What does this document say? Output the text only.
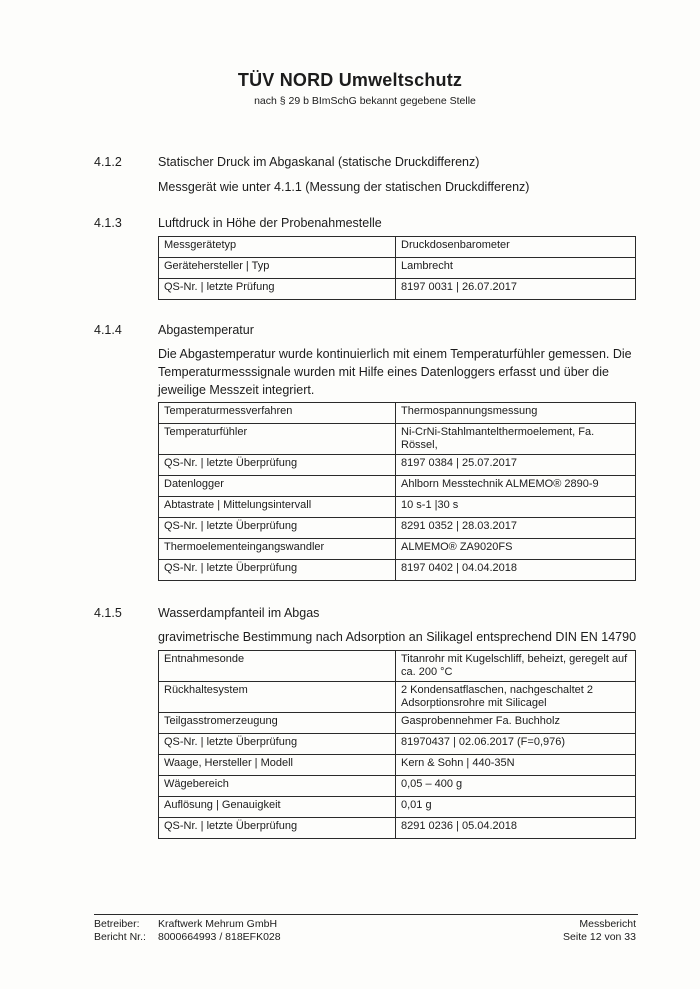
TÜV NORD Umweltschutz
nach § 29 b BImSchG bekannt gegebene Stelle
4.1.2	Statischer Druck im Abgaskanal (statische Druckdifferenz)
Messgerät wie unter 4.1.1 (Messung der statischen Druckdifferenz)
4.1.3	Luftdruck in Höhe der Probenahmestelle
Messgerätetyp	Druckdosenbarometer
Gerätehersteller | Typ	Lambrecht
QS-Nr. | letzte Prüfung	8197 0031 | 26.07.2017
4.1.4	Abgastemperatur
Die Abgastemperatur wurde kontinuierlich mit einem Temperaturfühler gemessen. Die Temperaturmesssignale wurden mit Hilfe eines Datenloggers erfasst und über die jeweilige Messzeit integriert.
Temperaturmessverfahren	Thermospannungsmessung
Temperaturfühler	Ni-CrNi-Stahlmantelthermoelement, Fa. Rössel,
QS-Nr. | letzte Überprüfung	8197 0384 | 25.07.2017
Datenlogger	Ahlborn Messtechnik ALMEMO® 2890-9
Abtastrate | Mittelungsintervall	10 s-1 |30 s
QS-Nr. | letzte Überprüfung	8291 0352 | 28.03.2017
Thermoelementeingangswandler	ALMEMO® ZA9020FS
QS-Nr. | letzte Überprüfung	8197 0402 | 04.04.2018
4.1.5	Wasserdampfanteil im Abgas
gravimetrische Bestimmung nach Adsorption an Silikagel entsprechend DIN EN 14790
Entnahmesonde	Titanrohr mit Kugelschliff, beheizt, geregelt auf ca. 200 °C
Rückhaltesystem	2 Kondensatflaschen, nachgeschaltet 2 Adsorptionsrohre mit Silicagel
Teilgasstromerzeugung	Gasprobennehmer Fa. Buchholz
QS-Nr. | letzte Überprüfung	81970437 | 02.06.2017 (F=0,976)
Waage, Hersteller | Modell	Kern & Sohn | 440-35N
Wägebereich	0,05 – 400 g
Auflösung | Genauigkeit	0,01 g
QS-Nr. | letzte Überprüfung	8291 0236 | 05.04.2018
Betreiber:
Bericht Nr.:
Kraftwerk Mehrum GmbH
8000664993 / 818EFK028
Messbericht
Seite 12 von 33
